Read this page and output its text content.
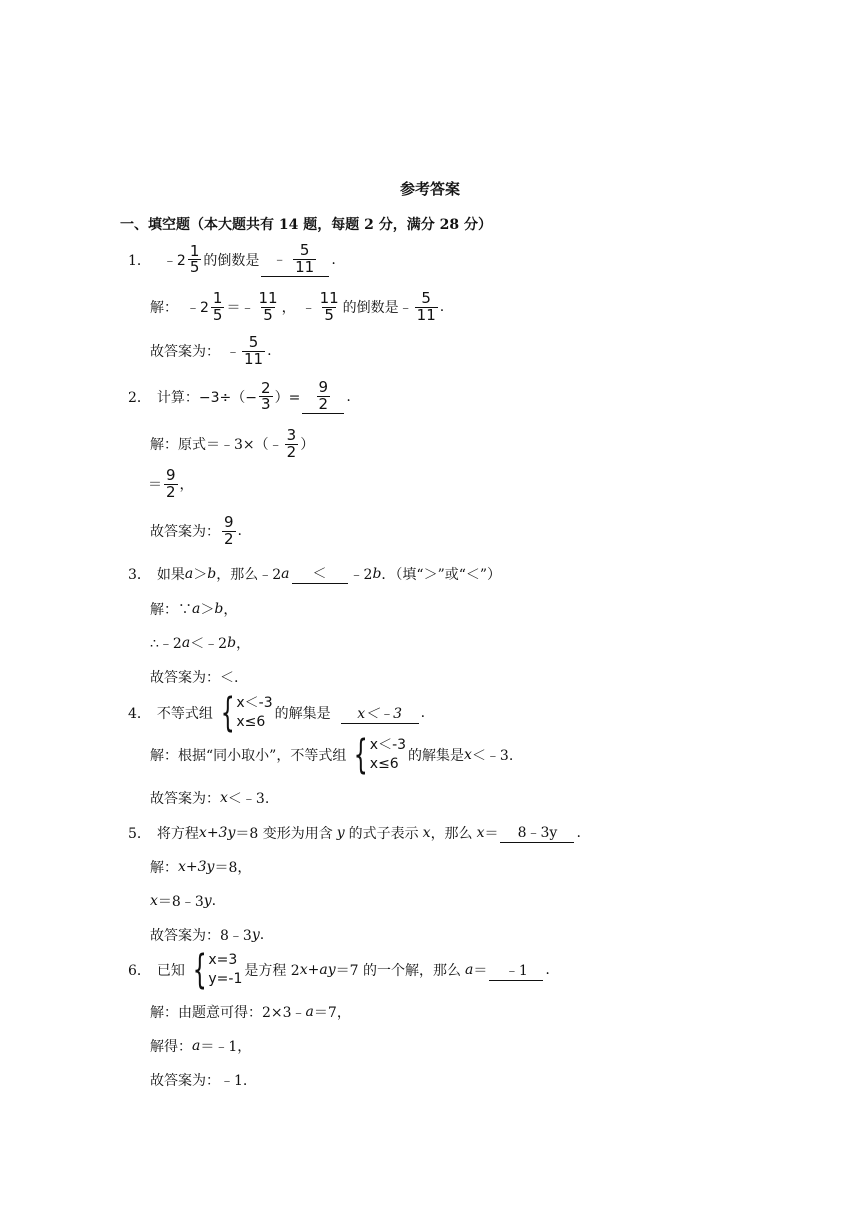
参考答案
一、填空题（本大题共有 14 题，每题 2 分，满分 28 分）
1． ﹣2 $\frac{1}{5}$ 的倒数是 ﹣ $\frac{5}{11}$ .
解： ﹣2 $\frac{1}{5}$ ＝﹣ $\frac{11}{5}$ ， ﹣ $\frac{11}{5}$ 的倒数是﹣ $\frac{5}{11}$ .
故答案为： ﹣ $\frac{5}{11}$ .
2． 计算： $-3\div(- \frac{2}{3}$ ）= $\frac{9}{2}$ .
解：原式＝﹣3×（﹣ $\frac{3}{2}$ ）
＝ $\frac{9}{2}$ ，
故答案为： $\frac{9}{2}$ .
3． 如果 a ＞ b ，那么﹣2 a	＜	﹣2 b ．（填“＞”或“＜”）
解：∵ a ＞ b ，
∴﹣2 a ＜﹣2 b ，
故答案为：＜.
4． 不等式组 { x＜-3
x≤6 的解集是	x＜﹣3	.
解：根据“同小取小”，不等式组 { x＜-3
x≤6 的解集是 x ＜﹣3.
故答案为： x ＜﹣3.
5． 将方程 x+3y ＝8 变形为用含 y 的式子表示 x ，那么 x ＝	8﹣3y	.
解： x+3y ＝8，
x ＝8﹣3 y .
故答案为：8﹣3 y .
6． 已知 { x=3
y=-1 是方程 2 x+ay ＝7 的一个解，那么 a ＝	﹣1	.
解：由题意可得：2×3﹣ a ＝7，
解得： a ＝﹣1，
故答案为：﹣1.
